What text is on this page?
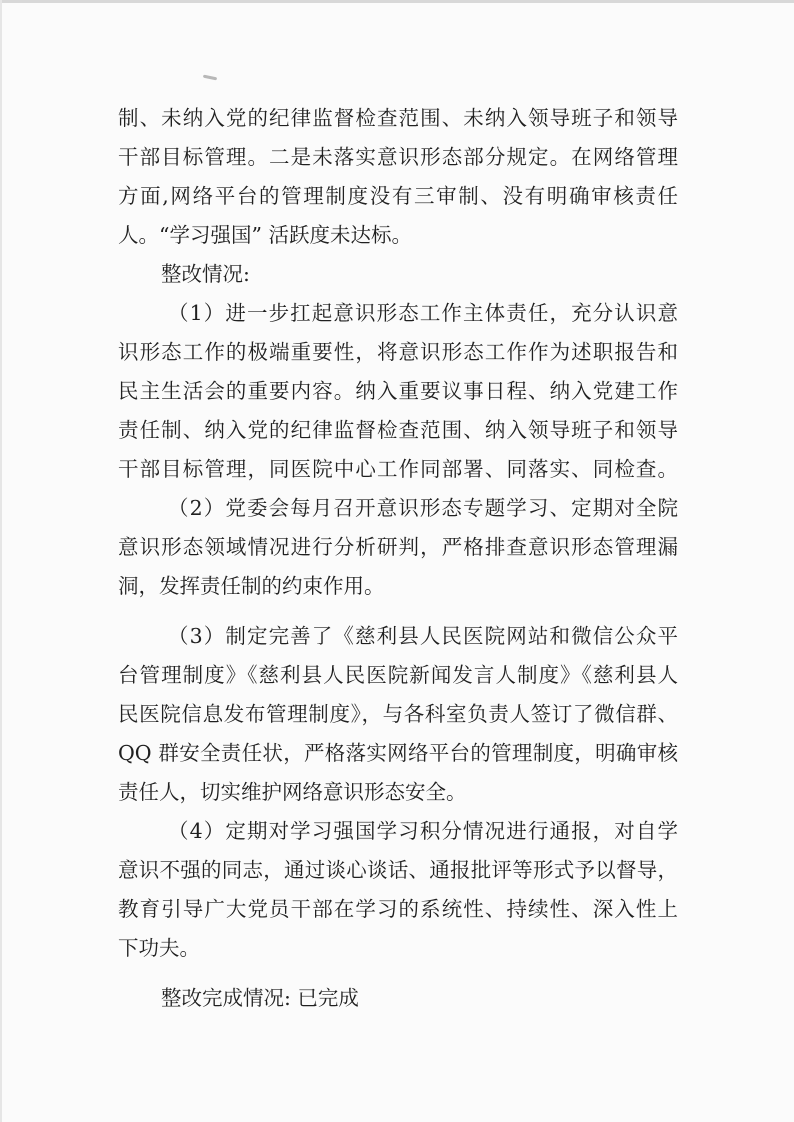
制、未纳入党的纪律监督检查范围、未纳入领导班子和领导
干部目标管理。二是未落实意识形态部分规定。在网络管理
方面,网络平台的管理制度没有三审制、没有明确审核责任
人。“学习强国” 活跃度未达标。
整改情况:
（1）进一步扛起意识形态工作主体责任，充分认识意
识形态工作的极端重要性，将意识形态工作作为述职报告和
民主生活会的重要内容。纳入重要议事日程、纳入党建工作
责任制、纳入党的纪律监督检查范围、纳入领导班子和领导
干部目标管理，同医院中心工作同部署、同落实、同检查。
（2）党委会每月召开意识形态专题学习、定期对全院
意识形态领域情况进行分析研判，严格排查意识形态管理漏
洞，发挥责任制的约束作用。
（3）制定完善了《慈利县人民医院网站和微信公众平
台管理制度》《慈利县人民医院新闻发言人制度》《慈利县人
民医院信息发布管理制度》，与各科室负责人签订了微信群、
QQ 群安全责任状，严格落实网络平台的管理制度，明确审核
责任人，切实维护网络意识形态安全。
（4）定期对学习强国学习积分情况进行通报，对自学
意识不强的同志，通过谈心谈话、通报批评等形式予以督导，
教育引导广大党员干部在学习的系统性、持续性、深入性上
下功夫。
整改完成情况: 已完成
